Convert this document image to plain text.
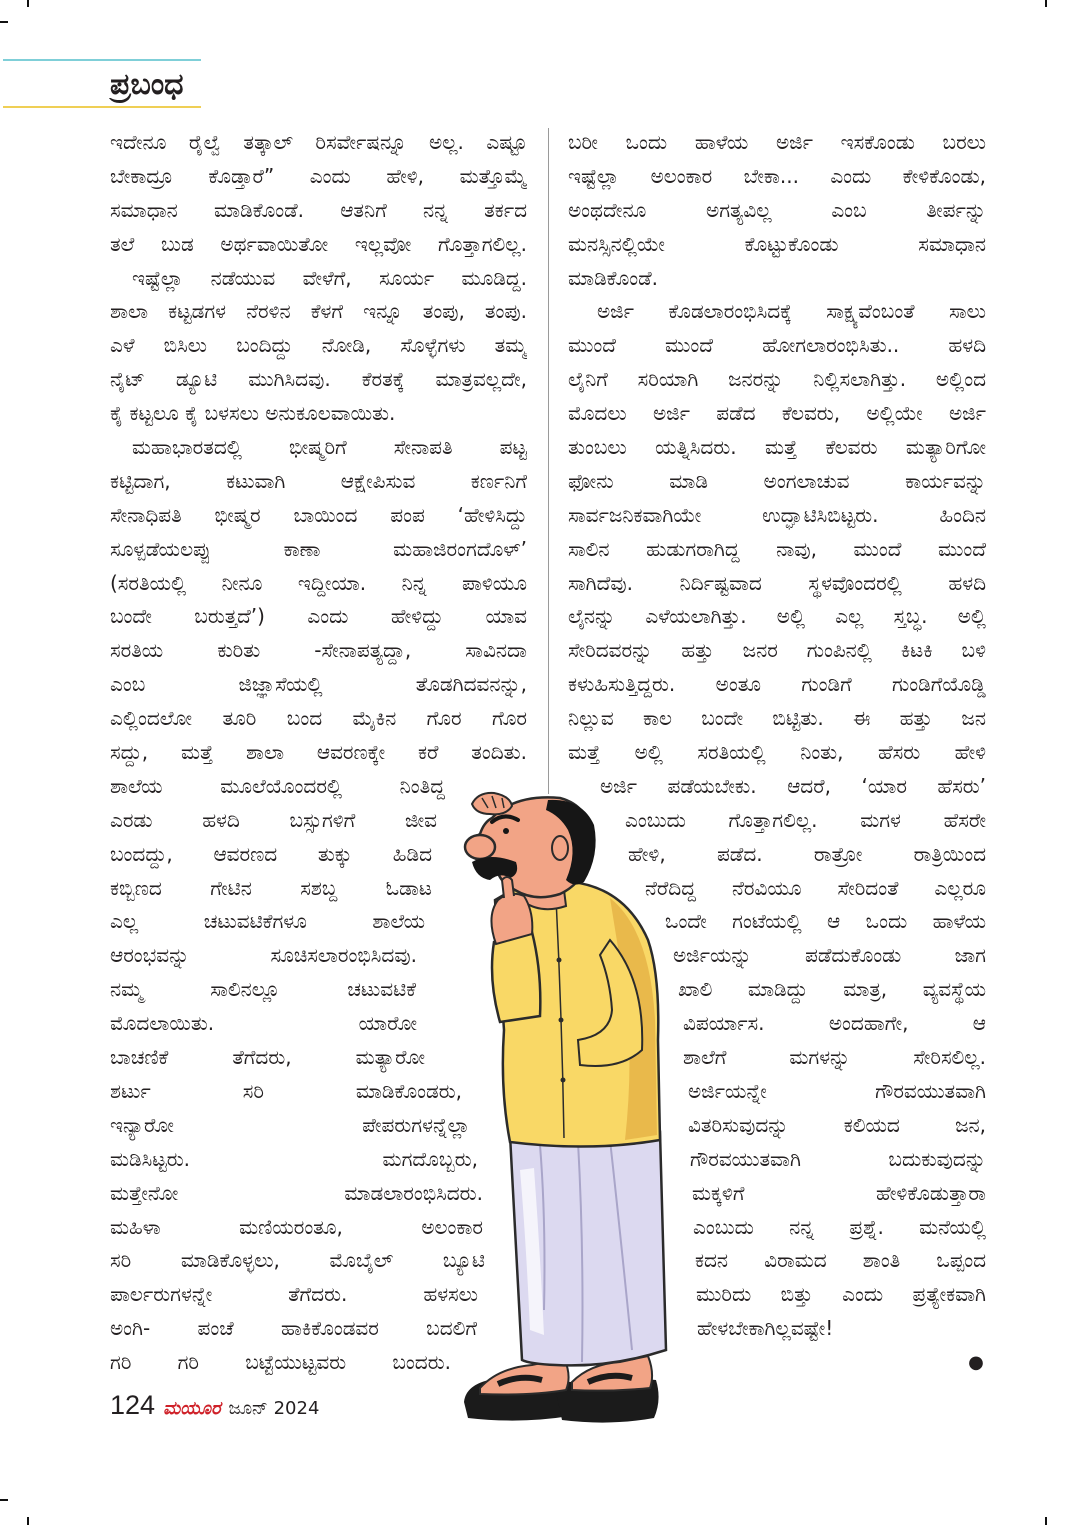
ಪ್ರಬಂಧ
ಇದೇನೂ ರೈಲ್ವೆ ತತ್ಕಾಲ್ ರಿಸರ್ವೇಷನ್ನೂ ಅಲ್ಲ. ಎಷ್ಟೂ
ಬೇಕಾದ್ರೂ ಕೊಡ್ತಾರೆ” ಎಂದು ಹೇಳಿ, ಮತ್ತೊಮ್ಮೆ
ಸಮಾಧಾನ ಮಾಡಿಕೊಂಡೆ. ಆತನಿಗೆ ನನ್ನ ತರ್ಕದ
ತಲೆ ಬುಡ ಅರ್ಥವಾಯಿತೋ ಇಲ್ಲವೋ ಗೊತ್ತಾಗಲಿಲ್ಲ.
ಇಷ್ಟೆಲ್ಲಾ ನಡೆಯುವ ವೇಳೆಗೆ, ಸೂರ್ಯ ಮೂಡಿದ್ದ.
ಶಾಲಾ ಕಟ್ಟಡಗಳ ನೆರಳಿನ ಕೆಳಗೆ ಇನ್ನೂ ತಂಪು, ತಂಪು.
ಎಳೆ ಬಿಸಿಲು ಬಂದಿದ್ದು ನೋಡಿ, ಸೊಳ್ಳೆಗಳು ತಮ್ಮ
ನೈಟ್ ಡ್ಯೂಟಿ ಮುಗಿಸಿದವು. ಕೆರತಕ್ಕೆ ಮಾತ್ರವಲ್ಲದೇ,
ಕೈ ಕಟ್ಟಲೂ ಕೈ ಬಳಸಲು ಅನುಕೂಲವಾಯಿತು.
ಮಹಾಭಾರತದಲ್ಲಿ ಭೀಷ್ಮರಿಗೆ ಸೇನಾಪತಿ ಪಟ್ಟ
ಕಟ್ಟಿದಾಗ, ಕಟುವಾಗಿ ಆಕ್ಷೇಪಿಸುವ ಕರ್ಣನಿಗೆ
ಸೇನಾಧಿಪತಿ ಭೀಷ್ಮರ ಬಾಯಿಂದ ಪಂಪ ‘ಹೇಳಿಸಿದ್ದು
ಸೂಳ್ಪಡೆಯಲಪ್ಪು ಕಾಣಾ ಮಹಾಜಿರಂಗದೊಳ್’
(ಸರತಿಯಲ್ಲಿ ನೀನೂ ಇದ್ದೀಯಾ. ನಿನ್ನ ಪಾಳಿಯೂ
ಬಂದೇ ಬರುತ್ತದೆ’) ಎಂದು ಹೇಳಿದ್ದು ಯಾವ
ಸರತಿಯ ಕುರಿತು -ಸೇನಾಪತ್ಯದ್ದಾ, ಸಾವಿನದಾ
ಎಂಬ ಜಿಜ್ಞಾಸೆಯಲ್ಲಿ ತೊಡಗಿದವನನ್ನು,
ಎಲ್ಲಿಂದಲೋ ತೂರಿ ಬಂದ ಮೈಕಿನ ಗೊರ ಗೊರ
ಸದ್ದು, ಮತ್ತೆ ಶಾಲಾ ಆವರಣಕ್ಕೇ ಕರೆ ತಂದಿತು.
ಶಾಲೆಯ ಮೂಲೆಯೊಂದರಲ್ಲಿ ನಿಂತಿದ್ದ
ಎರಡು ಹಳದಿ ಬಸ್ಸುಗಳಿಗೆ ಜೀವ
ಬಂದದ್ದು, ಆವರಣದ ತುಕ್ಕು ಹಿಡಿದ
ಕಬ್ಬಿಣದ ಗೇಟಿನ ಸಶಬ್ದ ಓಡಾಟ
ಎಲ್ಲ ಚಟುವಟಿಕೆಗಳೂ ಶಾಲೆಯ
ಆರಂಭವನ್ನು ಸೂಚಿಸಲಾರಂಭಿಸಿದವು.
ನಮ್ಮ ಸಾಲಿನಲ್ಲೂ ಚಟುವಟಿಕೆ
ಮೊದಲಾಯಿತು. ಯಾರೋ
ಬಾಚಣಿಕೆ ತೆಗೆದರು, ಮತ್ಯಾರೋ
ಶರ್ಟು ಸರಿ ಮಾಡಿಕೊಂಡರು,
ಇನ್ಯಾರೋ ಪೇಪರುಗಳನ್ನೆಲ್ಲಾ
ಮಡಿಸಿಟ್ಟರು. ಮಗದೊಬ್ಬರು,
ಮತ್ತೇನೋ ಮಾಡಲಾರಂಭಿಸಿದರು.
ಮಹಿಳಾ ಮಣಿಯರಂತೂ, ಅಲಂಕಾರ
ಸರಿ ಮಾಡಿಕೊಳ್ಳಲು, ಮೊಬೈಲ್ ಬ್ಯೂಟಿ
ಪಾರ್ಲರುಗಳನ್ನೇ ತೆಗೆದರು. ಹಳಸಲು
ಅಂಗಿ- ಪಂಚೆ ಹಾಕಿಕೊಂಡವರ ಬದಲಿಗೆ
ಗರಿ ಗರಿ ಬಟ್ಟೆಯುಟ್ಟವರು ಬಂದರು.
ಬರೀ ಒಂದು ಹಾಳೆಯ ಅರ್ಜಿ ಇಸಕೊಂಡು ಬರಲು
ಇಷ್ಟೆಲ್ಲಾ ಅಲಂಕಾರ ಬೇಕಾ... ಎಂದು ಕೇಳಿಕೊಂಡು,
ಅಂಥದೇನೂ ಅಗತ್ಯವಿಲ್ಲ ಎಂಬ ತೀರ್ಪನ್ನು
ಮನಸ್ಸಿನಲ್ಲಿಯೇ ಕೊಟ್ಟುಕೊಂಡು ಸಮಾಧಾನ
ಮಾಡಿಕೊಂಡೆ.
ಅರ್ಜಿ ಕೊಡಲಾರಂಭಿಸಿದಕ್ಕೆ ಸಾಕ್ಷ್ಯವೆಂಬಂತೆ ಸಾಲು
ಮುಂದೆ ಮುಂದೆ ಹೋಗಲಾರಂಭಿಸಿತು.. ಹಳದಿ
ಲೈನಿಗೆ ಸರಿಯಾಗಿ ಜನರನ್ನು ನಿಲ್ಲಿಸಲಾಗಿತ್ತು. ಅಲ್ಲಿಂದ
ಮೊದಲು ಅರ್ಜಿ ಪಡೆದ ಕೆಲವರು, ಅಲ್ಲಿಯೇ ಅರ್ಜಿ
ತುಂಬಲು ಯತ್ನಿಸಿದರು. ಮತ್ತೆ ಕೆಲವರು ಮತ್ಯಾರಿಗೋ
ಫೋನು ಮಾಡಿ ಅಂಗಲಾಚುವ ಕಾರ್ಯವನ್ನು
ಸಾರ್ವಜನಿಕವಾಗಿಯೇ ಉದ್ಘಾಟಿಸಿಬಿಟ್ಟರು. ಹಿಂದಿನ
ಸಾಲಿನ ಹುಡುಗರಾಗಿದ್ದ ನಾವು, ಮುಂದೆ ಮುಂದೆ
ಸಾಗಿದೆವು. ನಿರ್ದಿಷ್ಟವಾದ ಸ್ಥಳವೊಂದರಲ್ಲಿ ಹಳದಿ
ಲೈನನ್ನು ಎಳೆಯಲಾಗಿತ್ತು. ಅಲ್ಲಿ ಎಲ್ಲ ಸ್ತಬ್ಧ. ಅಲ್ಲಿ
ಸೇರಿದವರನ್ನು ಹತ್ತು ಜನರ ಗುಂಪಿನಲ್ಲಿ ಕಿಟಕಿ ಬಳಿ
ಕಳುಹಿಸುತ್ತಿದ್ದರು. ಅಂತೂ ಗುಂಡಿಗೆ ಗುಂಡಿಗೆಯೊಡ್ಡಿ
ನಿಲ್ಲುವ ಕಾಲ ಬಂದೇ ಬಿಟ್ಟಿತು. ಈ ಹತ್ತು ಜನ
ಮತ್ತೆ ಅಲ್ಲಿ ಸರತಿಯಲ್ಲಿ ನಿಂತು, ಹೆಸರು ಹೇಳಿ
ಅರ್ಜಿ ಪಡೆಯಬೇಕು. ಆದರೆ, ‘ಯಾರ ಹೆಸರು’
ಎಂಬುದು ಗೊತ್ತಾಗಲಿಲ್ಲ. ಮಗಳ ಹೆಸರೇ
ಹೇಳಿ, ಪಡೆದ. ರಾತ್ರೋ ರಾತ್ರಿಯಿಂದ
ನೆರೆದಿದ್ದ ನೆರವಿಯೂ ಸೇರಿದಂತೆ ಎಲ್ಲರೂ
ಒಂದೇ ಗಂಟೆಯಲ್ಲಿ ಆ ಒಂದು ಹಾಳೆಯ
ಅರ್ಜಿಯನ್ನು ಪಡೆದುಕೊಂಡು ಜಾಗ
ಖಾಲಿ ಮಾಡಿದ್ದು ಮಾತ್ರ, ವ್ಯವಸ್ಥೆಯ
ವಿಪರ್ಯಾಸ. ಅಂದಹಾಗೇ, ಆ
ಶಾಲೆಗೆ ಮಗಳನ್ನು ಸೇರಿಸಲಿಲ್ಲ.
ಅರ್ಜಿಯನ್ನೇ ಗೌರವಯುತವಾಗಿ
ವಿತರಿಸುವುದನ್ನು ಕಲಿಯದ ಜನ,
ಗೌರವಯುತವಾಗಿ ಬದುಕುವುದನ್ನು
ಮಕ್ಕಳಿಗೆ ಹೇಳಿಕೊಡುತ್ತಾರಾ
ಎಂಬುದು ನನ್ನ ಪ್ರಶ್ನೆ. ಮನೆಯಲ್ಲಿ
ಕದನ ವಿರಾಮದ ಶಾಂತಿ ಒಪ್ಪಂದ
ಮುರಿದು ಬಿತ್ತು ಎಂದು ಪ್ರತ್ಯೇಕವಾಗಿ
ಹೇಳಬೇಕಾಗಿಲ್ಲವಷ್ಟೇ!
●
124 ಮಯೂರ ಜೂನ್ 2024
